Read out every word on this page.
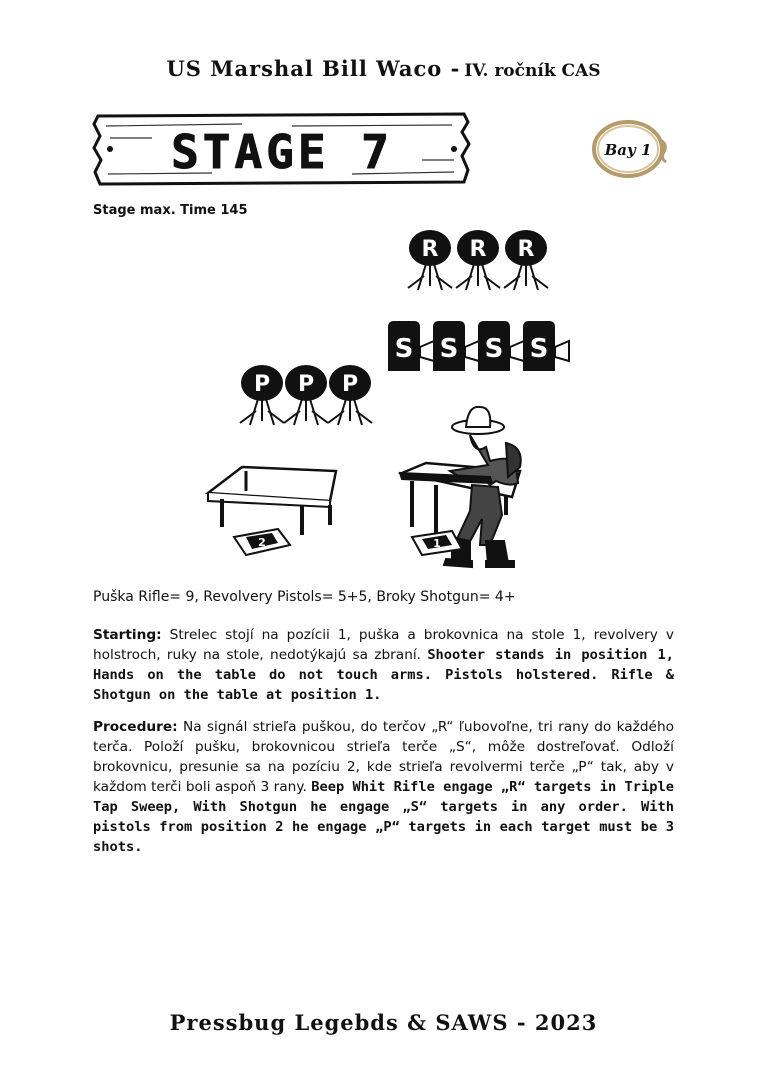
US Marshal Bill Waco - IV. ročník CAS
STAGE 7	Bay 1
Stage max. Time 145
R R R
S S S S
P P P
2	1
Puška Rifle= 9, Revolvery Pistols= 5+5, Broky Shotgun= 4+
Starting: Strelec stojí na pozícii 1, puška a brokovnica na stole 1, revolvery v holstroch, ruky na stole, nedotýkajú sa zbraní. Shooter stands in position 1, Hands on the table do not touch arms. Pistols holstered. Rifle & Shotgun on the table at position 1.
Procedure: Na signál strieľa puškou, do terčov „R“ ľubovoľne, tri rany do každého terča. Položí pušku, brokovnicou strieľa terče „S“, môže dostreľovať. Odloží brokovnicu, presunie sa na pozíciu 2, kde strieľa revolvermi terče „P“ tak, aby v každom terči boli aspoň 3 rany. Beep Whit Rifle engage „R“ targets in Triple Tap Sweep, With Shotgun he engage „S“ targets in any order. With pistols from position 2 he engage „P“ targets in each target must be 3 shots.
Pressbug Legebds & SAWS - 2023
